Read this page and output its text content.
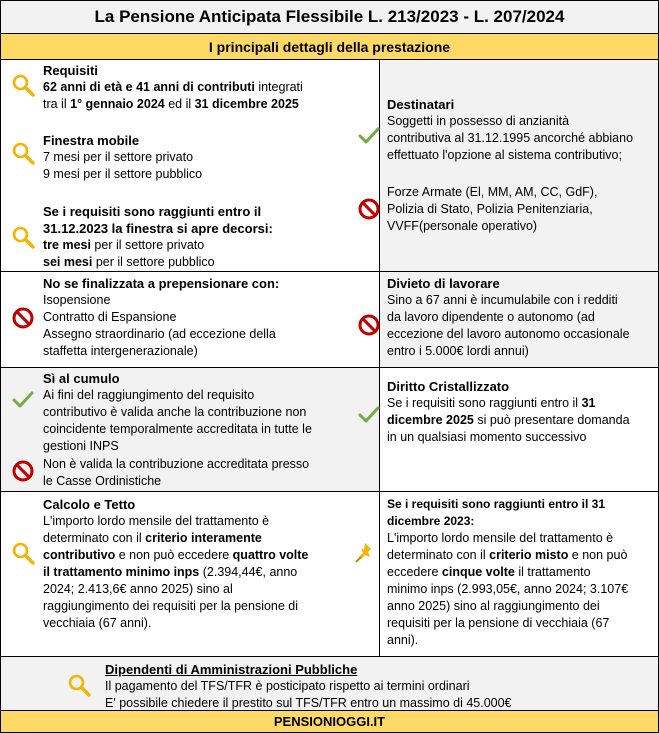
La Pensione Anticipata Flessibile L. 213/2023 - L. 207/2024
I principali dettagli della prestazione
Requisiti
62 anni di età e 41 anni di contributi integrati
tra il 1° gennaio 2024 ed il 31 dicembre 2025
Finestra mobile
7 mesi per il settore privato
9 mesi per il settore pubblico
Se i requisiti sono raggiunti entro il
31.12.2023 la finestra si apre decorsi:
tre mesi per il settore privato
sei mesi per il settore pubblico
Destinatari
Soggetti in possesso di anzianità
contributiva al 31.12.1995 ancorché abbiano
effettuato l'opzione al sistema contributivo;
Forze Armate (El, MM, AM, CC, GdF),
Polizia di Stato, Polizia Penitenziaria,
VVFF(personale operativo)
No se finalizzata a prepensionare con:
Isopensione
Contratto di Espansione
Assegno straordinario (ad eccezione della
staffetta intergenerazionale)
Divieto di lavorare
Sino a 67 anni è incumulabile con i redditi
da lavoro dipendente o autonomo (ad
eccezione del lavoro autonomo occasionale
entro i 5.000€ lordi annui)
Sì al cumulo
Ai fini del raggiungimento del requisito
contributivo è valida anche la contribuzione non
coincidente temporalmente accreditata in tutte le
gestioni INPS
Non è valida la contribuzione accreditata presso
le Casse Ordinistiche
Diritto Cristallizzato
Se i requisiti sono raggiunti entro il 31
dicembre 2025 si può presentare domanda
in un qualsiasi momento successivo
Calcolo e Tetto
L'importo lordo mensile del trattamento è
determinato con il criterio interamente
contributivo e non può eccedere quattro volte
il trattamento minimo inps (2.394,44€, anno
2024; 2.413,6€ anno 2025) sino al
raggiungimento dei requisiti per la pensione di
vecchiaia (67 anni).
Se i requisiti sono raggiunti entro il 31
dicembre 2023:
L'importo lordo mensile del trattamento è
determinato con il criterio misto e non può
eccedere cinque volte il trattamento
minimo inps (2.993,05€, anno 2024; 3.107€
anno 2025) sino al raggiungimento dei
requisiti per la pensione di vecchiaia (67
anni).
Dipendenti di Amministrazioni Pubbliche
Il pagamento del TFS/TFR è posticipato rispetto ai termini ordinari
E' possibile chiedere il prestito sul TFS/TFR entro un massimo di 45.000€
PENSIONIOGGI.IT
